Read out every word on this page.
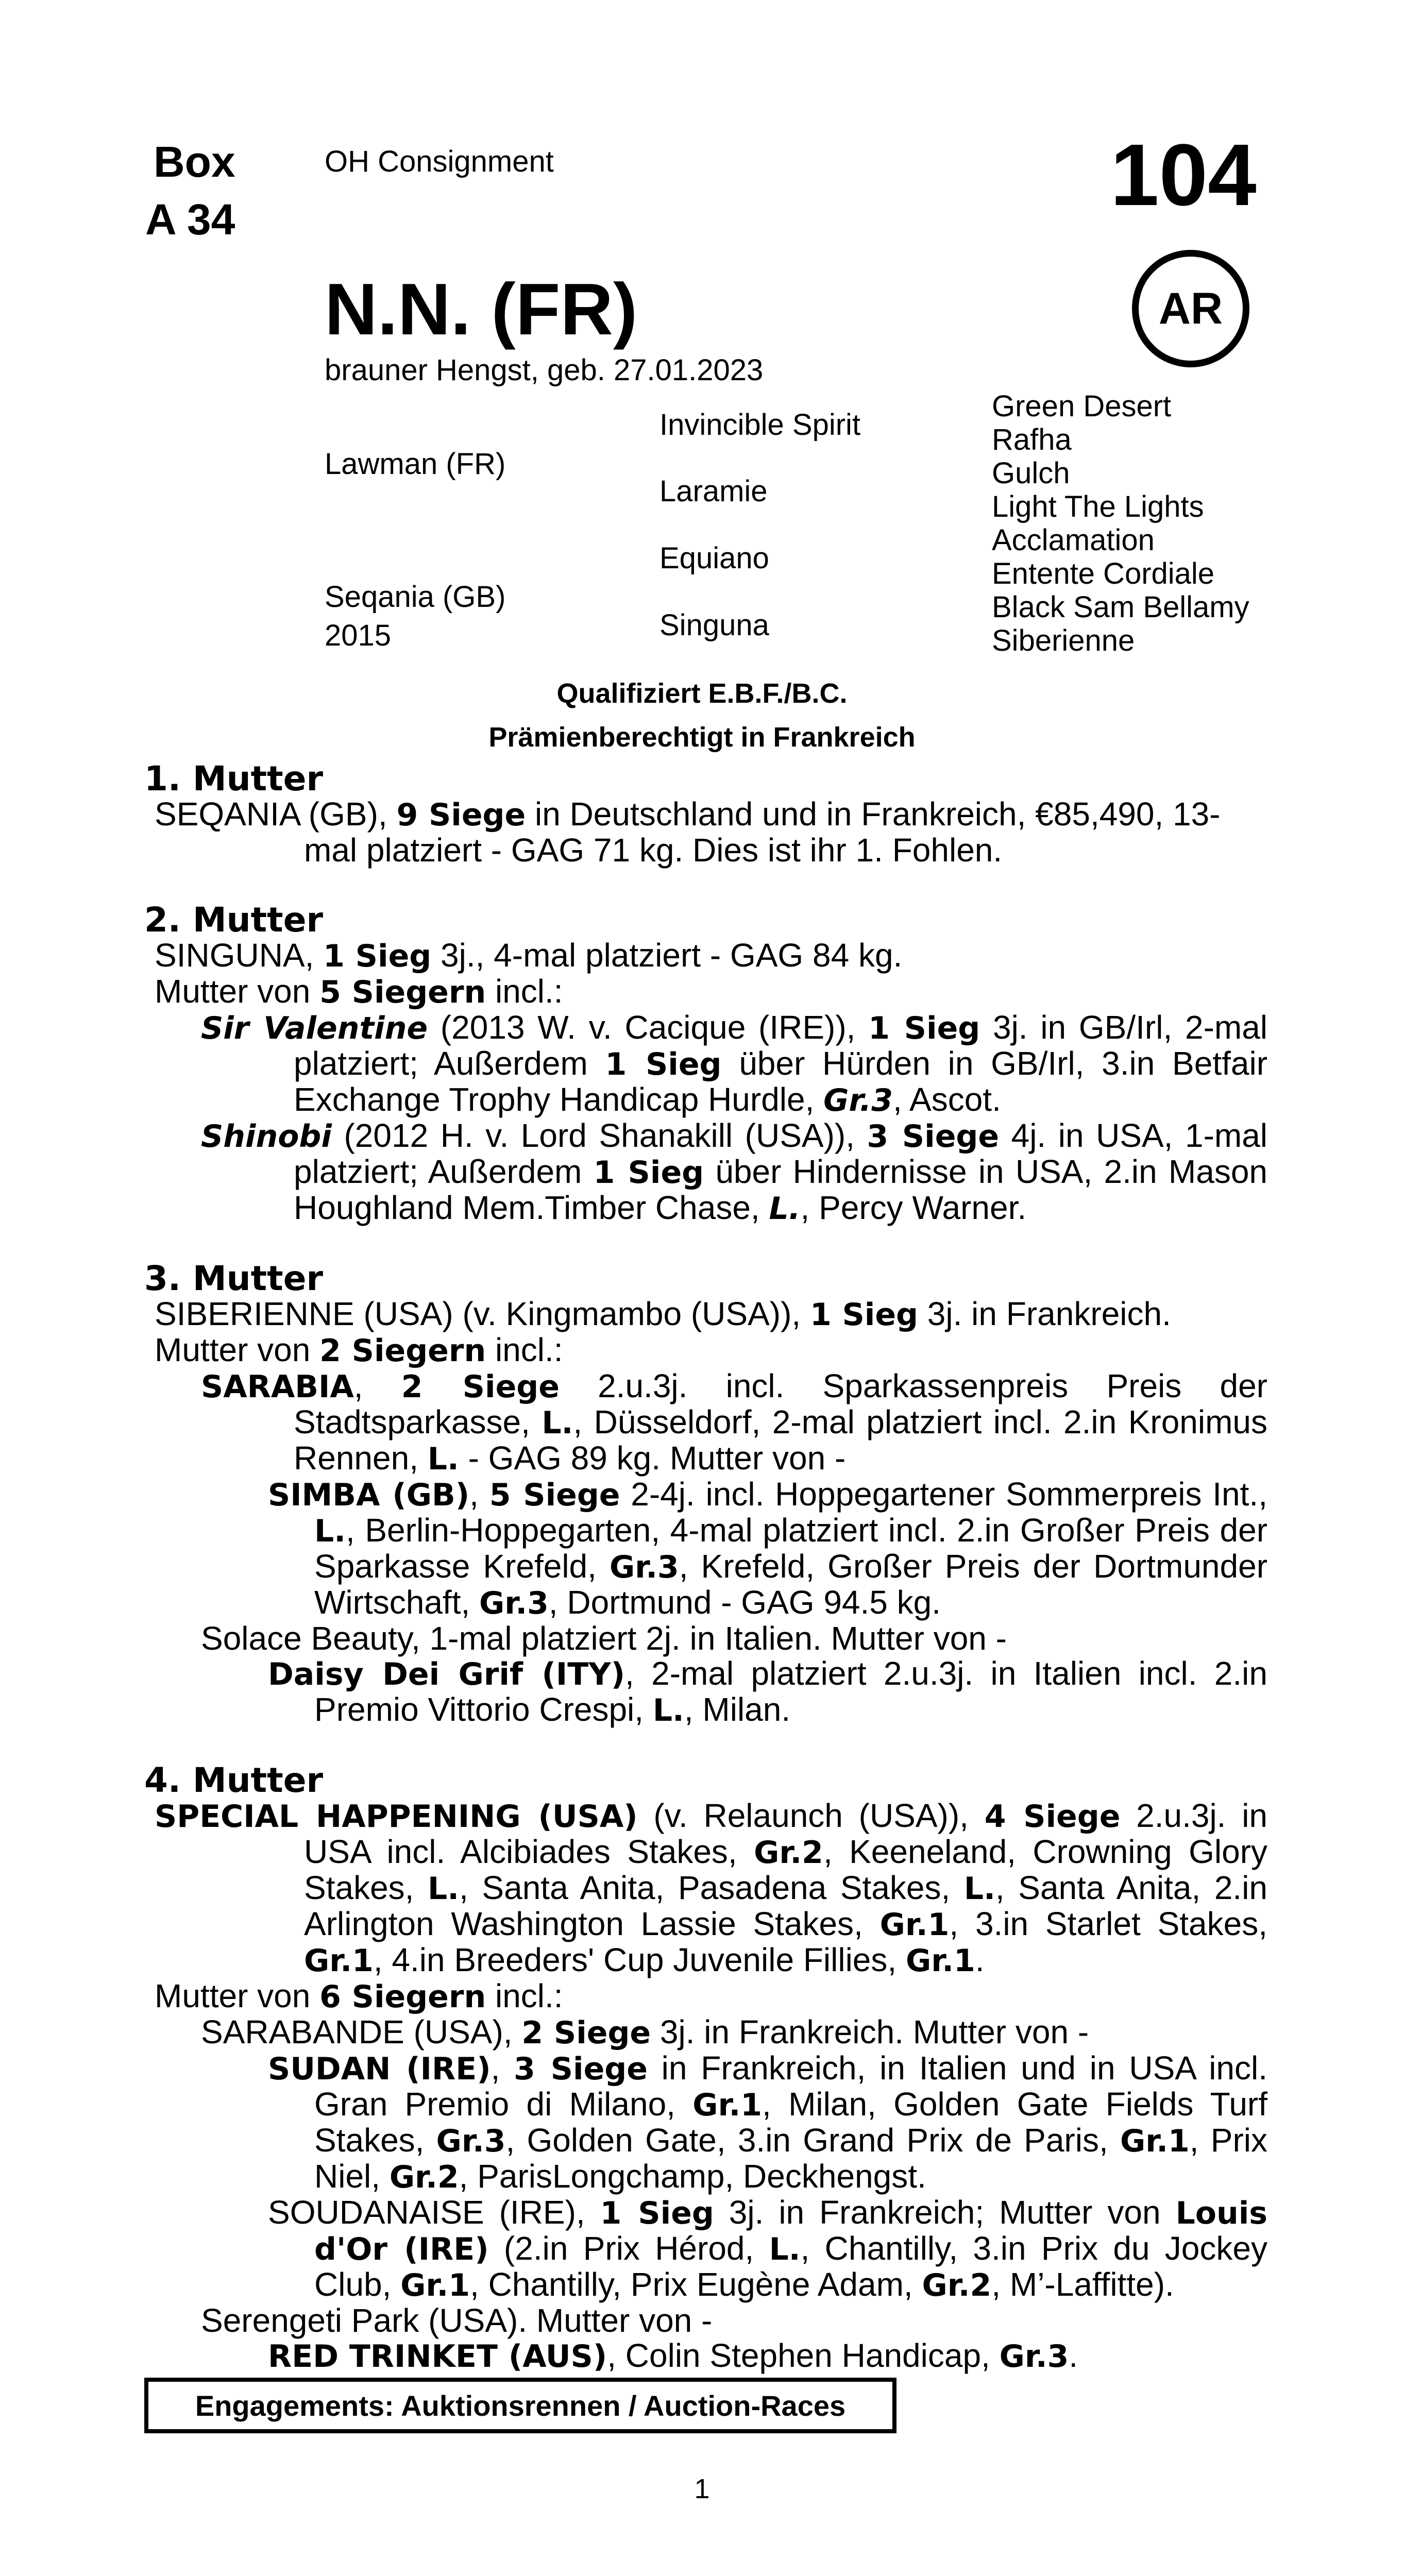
Box
A 34
OH Consignment	104
AR
N.N. (FR)
brauner Hengst, geb. 27.01.2023
Lawman (FR)
Seqania (GB)
2015
Invincible Spirit
Laramie
Equiano
Singuna
Green Desert
Rafha
Gulch
Light The Lights
Acclamation
Entente Cordiale
Black Sam Bellamy
Siberienne
Qualifiziert E.B.F./B.C.
Prämienberechtigt in Frankreich
1. Mutter

SEQANIA (GB), 9 Siege in Deutschland und in Frankreich, €85,490, 13-mal platziert - GAG 71 kg. Dies ist ihr 1. Fohlen.

2. Mutter

SINGUNA, 1 Sieg 3j., 4-mal platziert - GAG 84 kg.

Mutter von 5 Siegern incl.:

Sir Valentine (2013 W. v. Cacique (IRE)), 1 Sieg 3j. in GB/Irl, 2-mal platziert; Außerdem 1 Sieg über Hürden in GB/Irl, 3.in Betfair Exchange Trophy Handicap Hurdle, Gr.3, Ascot.

Shinobi (2012 H. v. Lord Shanakill (USA)), 3 Siege 4j. in USA, 1-mal platziert; Außerdem 1 Sieg über Hindernisse in USA, 2.in Mason Houghland Mem.Timber Chase, L., Percy Warner.

3. Mutter

SIBERIENNE (USA) (v. Kingmambo (USA)), 1 Sieg 3j. in Frankreich.

Mutter von 2 Siegern incl.:

SARABIA, 2 Siege 2.u.3j. incl. Sparkassenpreis Preis der Stadtsparkasse, L., Düsseldorf, 2-mal platziert incl. 2.in Kronimus Rennen, L. - GAG 89 kg. Mutter von -

SIMBA (GB), 5 Siege 2-4j. incl. Hoppegartener Sommerpreis Int., L., Berlin-Hoppegarten, 4-mal platziert incl. 2.in Großer Preis der Sparkasse Krefeld, Gr.3, Krefeld, Großer Preis der Dortmunder Wirtschaft, Gr.3, Dortmund - GAG 94.5 kg.

Solace Beauty, 1-mal platziert 2j. in Italien. Mutter von -

Daisy Dei Grif (ITY), 2-mal platziert 2.u.3j. in Italien incl. 2.in Premio Vittorio Crespi, L., Milan.

4. Mutter

SPECIAL HAPPENING (USA) (v. Relaunch (USA)), 4 Siege 2.u.3j. in USA incl. Alcibiades Stakes, Gr.2, Keeneland, Crowning Glory Stakes, L., Santa Anita, Pasadena Stakes, L., Santa Anita, 2.in Arlington Washington Lassie Stakes, Gr.1, 3.in Starlet Stakes, Gr.1, 4.in Breeders' Cup Juvenile Fillies, Gr.1.

Mutter von 6 Siegern incl.:

SARABANDE (USA), 2 Siege 3j. in Frankreich. Mutter von -

SUDAN (IRE), 3 Siege in Frankreich, in Italien und in USA incl. Gran Premio di Milano, Gr.1, Milan, Golden Gate Fields Turf Stakes, Gr.3, Golden Gate, 3.in Grand Prix de Paris, Gr.1, Prix Niel, Gr.2, ParisLongchamp, Deckhengst.

SOUDANAISE (IRE), 1 Sieg 3j. in Frankreich; Mutter von Louis d'Or (IRE) (2.in Prix Hérod, L., Chantilly, 3.in Prix du Jockey Club, Gr.1, Chantilly, Prix Eugène Adam, Gr.2, M’-Laffitte).

Serengeti Park (USA). Mutter von -

RED TRINKET (AUS), Colin Stephen Handicap, Gr.3.

Engagements: Auktionsrennen / Auction-Races
1
